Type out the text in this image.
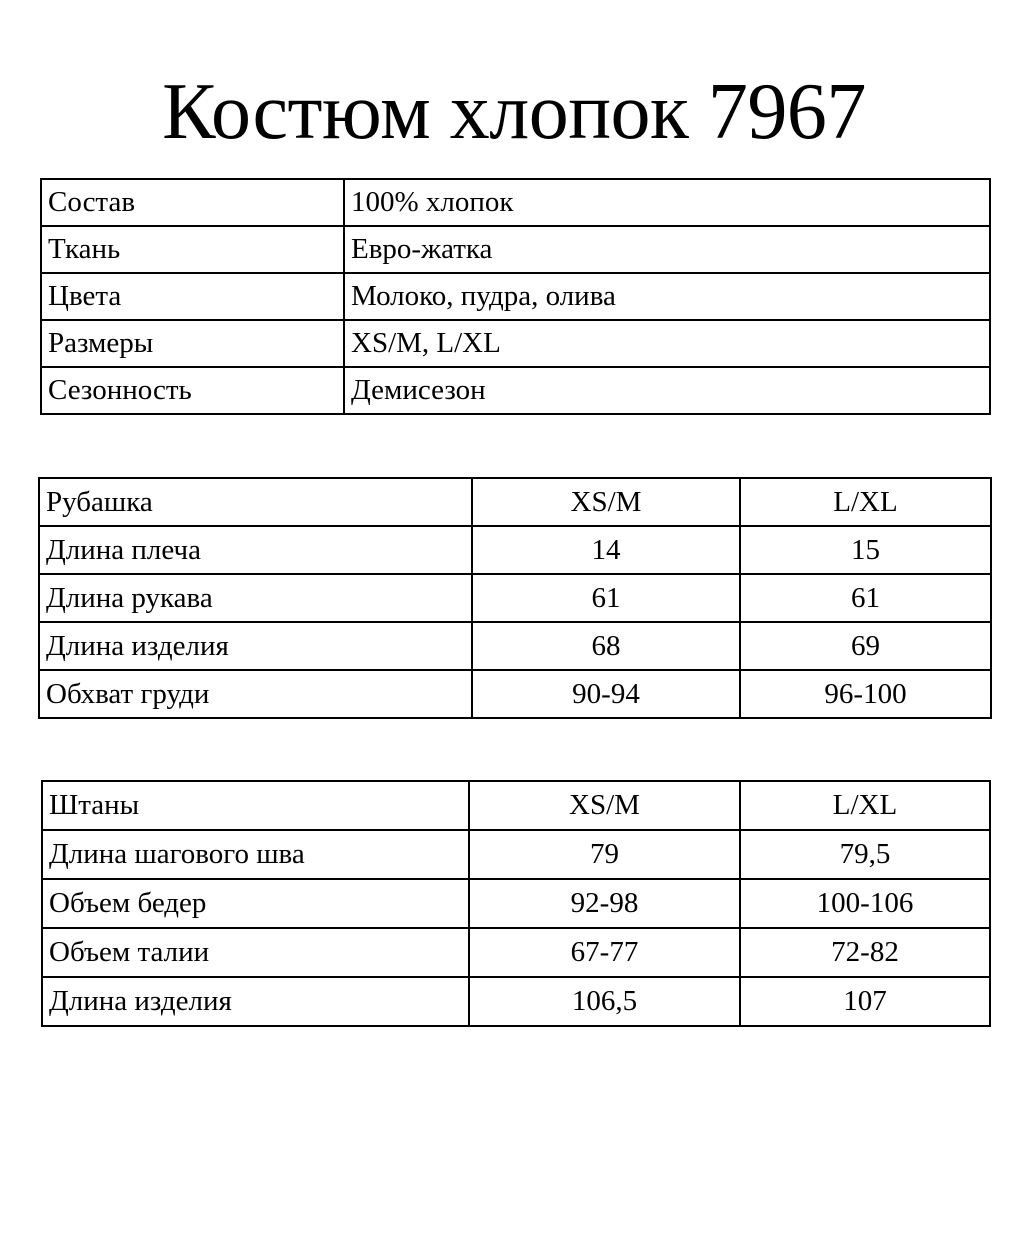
Костюм хлопок 7967
Состав	100% хлопок
Ткань	Евро-жатка
Цвета	Молоко, пудра, олива
Размеры	XS/M, L/XL
Сезонность	Демисезон
Рубашка	XS/M	L/XL
Длина плеча	14	15
Длина рукава	61	61
Длина изделия	68	69
Обхват груди	90-94	96-100
Штаны	XS/M	L/XL
Длина шагового шва	79	79,5
Объем бедер	92-98	100-106
Объем талии	67-77	72-82
Длина изделия	106,5	107
